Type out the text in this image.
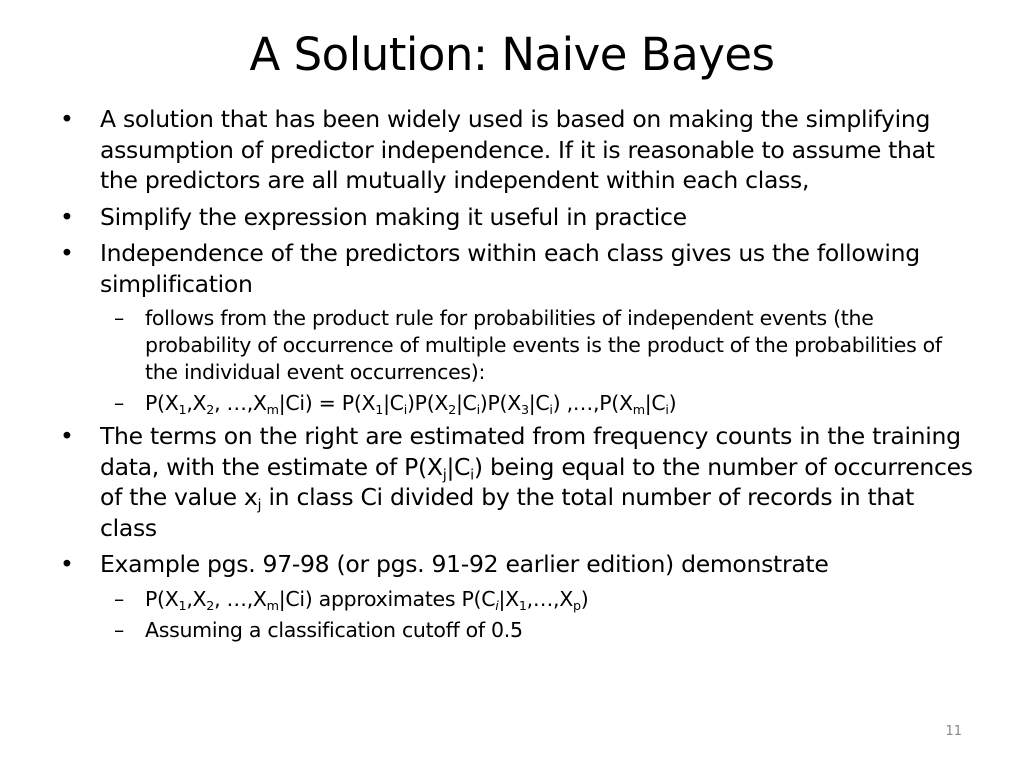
A Solution: Naive Bayes
• A solution that has been widely used is based on making the simplifying assumption of predictor independence. If it is reasonable to assume that the predictors are all mutually independent within each class,
• Simplify the expression making it useful in practice
• Independence of the predictors within each class gives us the following simplification
– follows from the product rule for probabilities of independent events (the probability of occurrence of multiple events is the product of the probabilities of the individual event occurrences):
– $P(X_1,X_2$, $\dots,X_m|Ci) = P(X_1|C_i)P(X_2|C_i)P(X_3|C_i)$ $,\dots,P(X_m|C_i)$
• The terms on the right are estimated from frequency counts in the training data, with the estimate of $P(X_j|C_i)$ being equal to the number of occurrences of the value $x_j$ in class Ci divided by the total number of records in that class
• Example pgs. 97-98 (or pgs. 91-92 earlier edition) demonstrate
– $P(X_1,X_2$, $\dots,X_m|Ci$) approximates $P(C_i|X_1,\dots,X_p)$
– Assuming a classification cutoff of 0.5
11
